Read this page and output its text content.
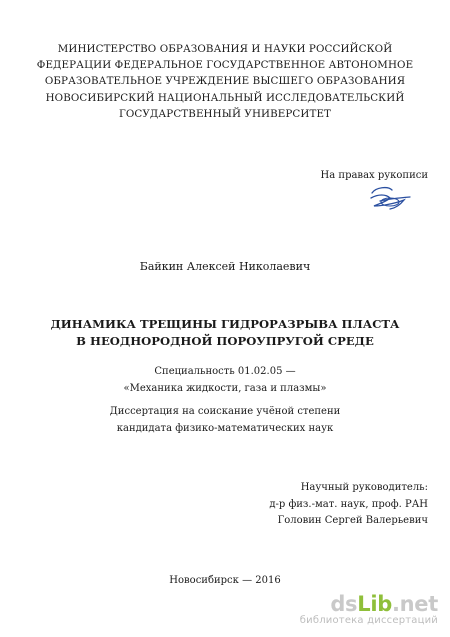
МИНИСТЕРСТВО ОБРАЗОВАНИЯ И НАУКИ РОССИЙСКОЙ
ФЕДЕРАЦИИ ФЕДЕРАЛЬНОЕ ГОСУДАРСТВЕННОЕ АВТОНОМНОЕ
ОБРАЗОВАТЕЛЬНОЕ УЧРЕЖДЕНИЕ ВЫСШЕГО ОБРАЗОВАНИЯ
НОВОСИБИРСКИЙ НАЦИОНАЛЬНЫЙ ИССЛЕДОВАТЕЛЬСКИЙ
ГОСУДАРСТВЕННЫЙ УНИВЕРСИТЕТ
На правах рукописи
Байкин Алексей Николаевич
ДИНАМИКА ТРЕЩИНЫ ГИДРОРАЗРЫВА ПЛАСТА
В НЕОДНОРОДНОЙ ПОРОУПРУГОЙ СРЕДЕ
Специальность 01.02.05 —
«Механика жидкости, газа и плазмы»
Диссертация на соискание учёной степени
кандидата физико-математических наук
Научный руководитель:
д-р физ.-мат. наук, проф. РАН
Головин Сергей Валерьевич
Новосибирск — 2016
dsLib.net
библиотека диссертаций
